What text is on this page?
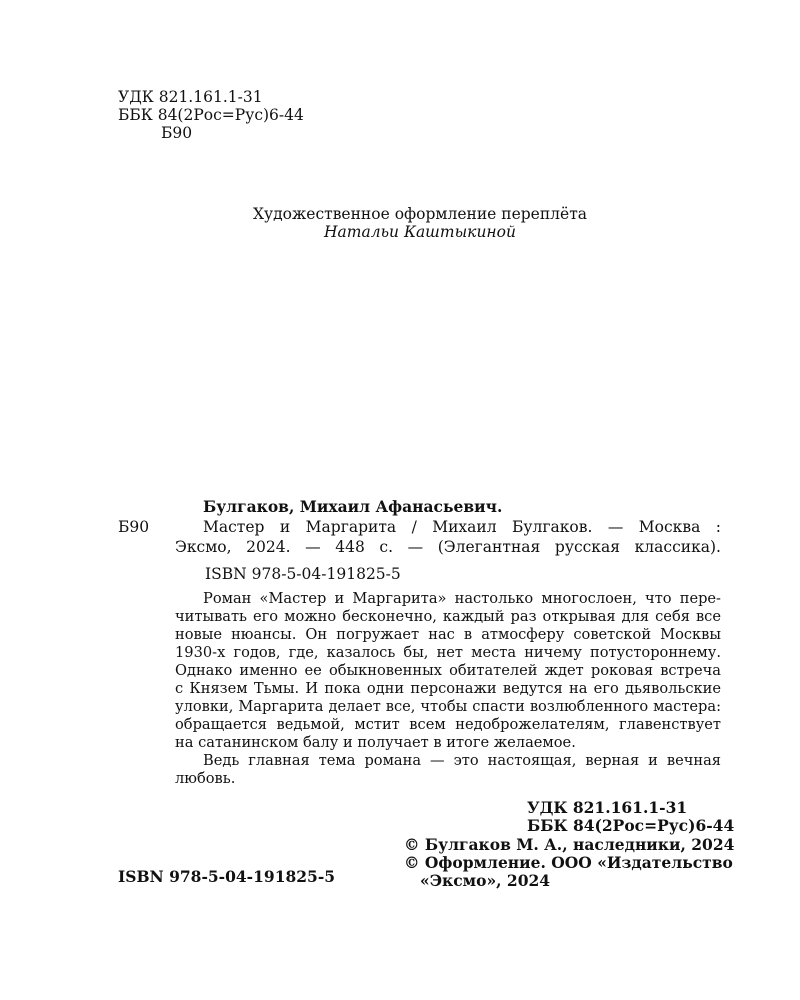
УДК 821.161.1-31
ББК 84(2Рос=Рус)6-44
Б90
Художественное оформление переплёта
Натальи Каштыкиной
Булгаков, Михаил Афанасьевич.
Б90	Мастер и Маргарита / Михаил Булгаков. — Москва :
Эксмо, 2024. — 448 с. — (Элегантная русская классика).
ISBN 978-5-04-191825-5
Роман «Мастер и Маргарита» настолько многослоен, что пере-
читывать его можно бесконечно, каждый раз открывая для себя все
новые нюансы. Он погружает нас в атмосферу советской Москвы
1930-х годов, где, казалось бы, нет места ничему потустороннему.
Однако именно ее обыкновенных обитателей ждет роковая встреча
с Князем Тьмы. И пока одни персонажи ведутся на его дьявольские
уловки, Маргарита делает все, чтобы спасти возлюбленного мастера:
обращается ведьмой, мстит всем недоброжелателям, главенствует
на сатанинском балу и получает в итоге желаемое.
Ведь главная тема романа — это настоящая, верная и вечная
любовь.
УДК 821.161.1-31
ББК 84(2Рос=Рус)6-44
© Булгаков М. А., наследники, 2024
© Оформление. ООО «Издательство
«Эксмо», 2024
ISBN 978-5-04-191825-5
